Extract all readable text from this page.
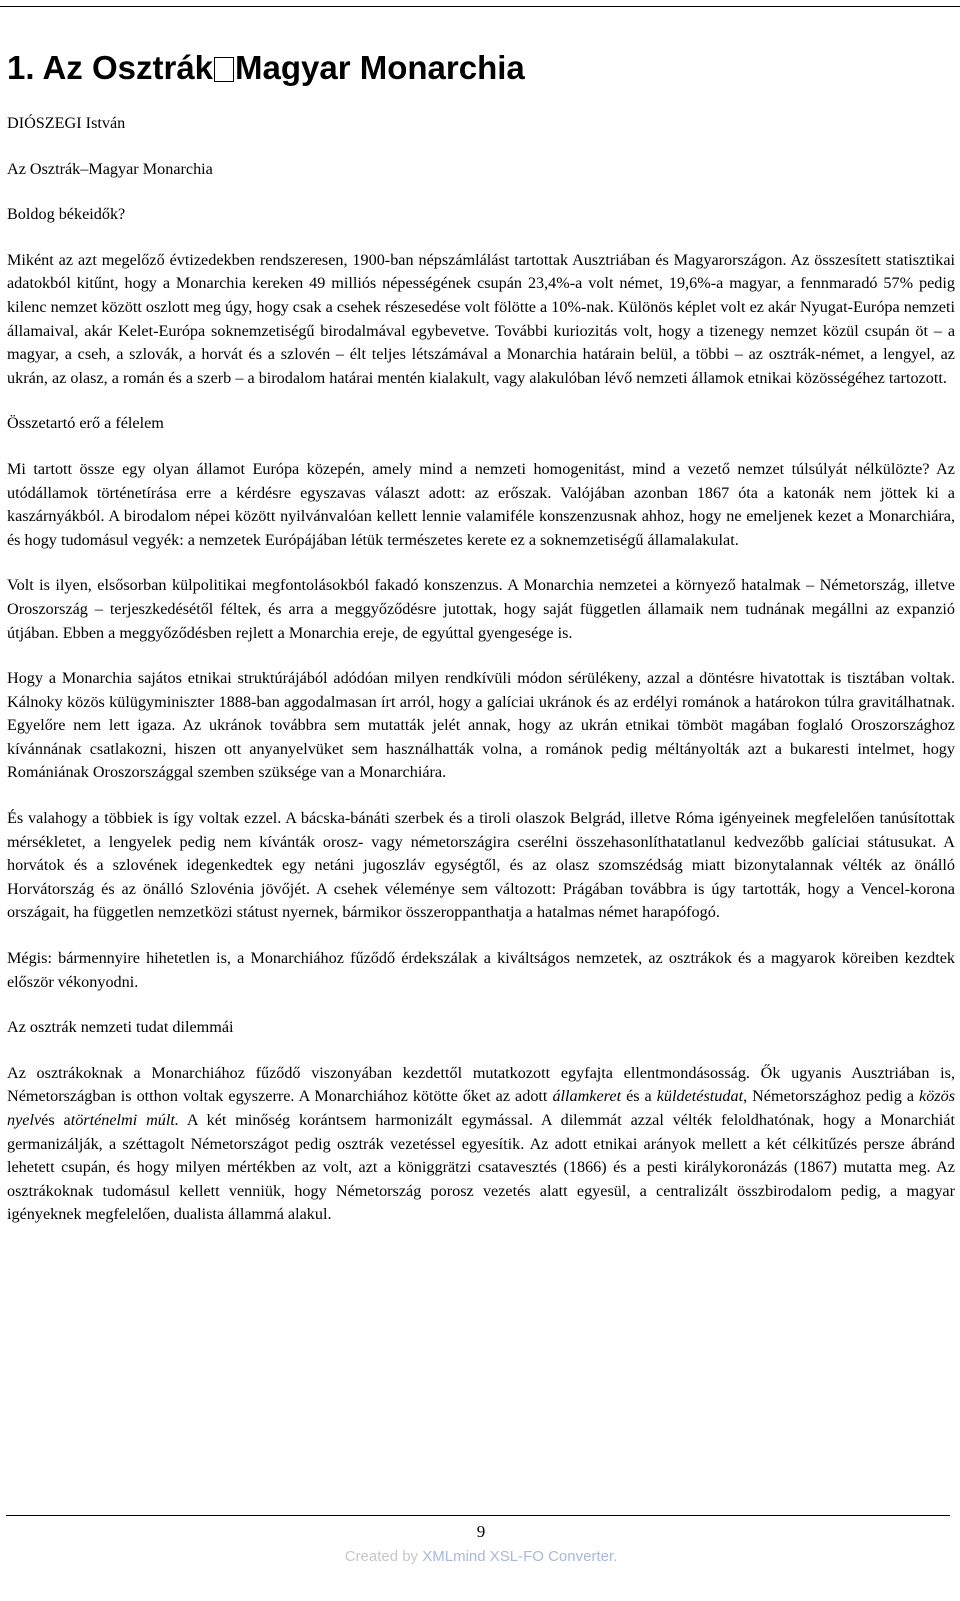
1. Az Osztrák Magyar Monarchia

DIÓSZEGI István

Az Osztrák–Magyar Monarchia

Boldog békeidők?

Miként az azt megelőző évtizedekben rendszeresen, 1900-ban népszámlálást tartottak Ausztriában és Magyarországon. Az összesített statisztikai adatokból kitűnt, hogy a Monarchia kereken 49 milliós népességének csupán 23,4%-a volt német, 19,6%-a magyar, a fennmaradó 57% pedig kilenc nemzet között oszlott meg úgy, hogy csak a csehek részesedése volt fölötte a 10%-nak. Különös képlet volt ez akár Nyugat-Európa nemzeti államaival, akár Kelet-Európa soknemzetiségű birodalmával egybevetve. További kuriozitás volt, hogy a tizenegy nemzet közül csupán öt – a magyar, a cseh, a szlovák, a horvát és a szlovén – élt teljes létszámával a Monarchia határain belül, a többi – az osztrák-német, a lengyel, az ukrán, az olasz, a román és a szerb – a birodalom határai mentén kialakult, vagy alakulóban lévő nemzeti államok etnikai közösségéhez tartozott.

Összetartó erő a félelem

Mi tartott össze egy olyan államot Európa közepén, amely mind a nemzeti homogenitást, mind a vezető nemzet túlsúlyát nélkülözte? Az utódállamok történetírása erre a kérdésre egyszavas választ adott: az erőszak. Valójában azonban 1867 óta a katonák nem jöttek ki a kaszárnyákból. A birodalom népei között nyilvánvalóan kellett lennie valamiféle konszenzusnak ahhoz, hogy ne emeljenek kezet a Monarchiára, és hogy tudomásul vegyék: a nemzetek Európájában létük természetes kerete ez a soknemzetiségű államalakulat.

Volt is ilyen, elsősorban külpolitikai megfontolásokból fakadó konszenzus. A Monarchia nemzetei a környező hatalmak – Németország, illetve Oroszország – terjeszkedésétől féltek, és arra a meggyőződésre jutottak, hogy saját független államaik nem tudnának megállni az expanzió útjában. Ebben a meggyőződésben rejlett a Monarchia ereje, de egyúttal gyengesége is.

Hogy a Monarchia sajátos etnikai struktúrájából adódóan milyen rendkívüli módon sérülékeny, azzal a döntésre hivatottak is tisztában voltak. Kálnoky közös külügyminiszter 1888-ban aggodalmasan írt arról, hogy a galíciai ukránok és az erdélyi románok a határokon túlra gravitálhatnak. Egyelőre nem lett igaza. Az ukránok továbbra sem mutatták jelét annak, hogy az ukrán etnikai tömböt magában foglaló Oroszországhoz kívánnának csatlakozni, hiszen ott anyanyelvüket sem használhatták volna, a románok pedig méltányolták azt a bukaresti intelmet, hogy Romániának Oroszországgal szemben szüksége van a Monarchiára.

És valahogy a többiek is így voltak ezzel. A bácska-bánáti szerbek és a tiroli olaszok Belgrád, illetve Róma igényeinek megfelelően tanúsítottak mérsékletet, a lengyelek pedig nem kívánták orosz- vagy németországira cserélni összehasonlíthatatlanul kedvezőbb galíciai státusukat. A horvátok és a szlovének idegenkedtek egy netáni jugoszláv egységtől, és az olasz szomszédság miatt bizonytalannak vélték az önálló Horvátország és az önálló Szlovénia jövőjét. A csehek véleménye sem változott: Prágában továbbra is úgy tartották, hogy a Vencel-korona országait, ha független nemzetközi státust nyernek, bármikor összeroppanthatja a hatalmas német harapófogó.

Mégis: bármennyire hihetetlen is, a Monarchiához fűződő érdekszálak a kiváltságos nemzetek, az osztrákok és a magyarok köreiben kezdtek először vékonyodni.

Az osztrák nemzeti tudat dilemmái

Az osztrákoknak a Monarchiához fűződő viszonyában kezdettől mutatkozott egyfajta ellentmondásosság. Ők ugyanis Ausztriában is, Németországban is otthon voltak egyszerre. A Monarchiához kötötte őket az adott államkeret és a küldetéstudat, Németországhoz pedig a közös nyelvés atörténelmi múlt. A két minőség korántsem harmonizált egymással. A dilemmát azzal vélték feloldhatónak, hogy a Monarchiát germanizálják, a széttagolt Németországot pedig osztrák vezetéssel egyesítik. Az adott etnikai arányok mellett a két célkitűzés persze ábránd lehetett csupán, és hogy milyen mértékben az volt, azt a königgrätzi csatavesztés (1866) és a pesti királykoronázás (1867) mutatta meg. Az osztrákoknak tudomásul kellett venniük, hogy Németország porosz vezetés alatt egyesül, a centralizált összbirodalom pedig, a magyar igényeknek megfelelően, dualista állammá alakul.

9
Created by XMLmind XSL-FO Converter.
